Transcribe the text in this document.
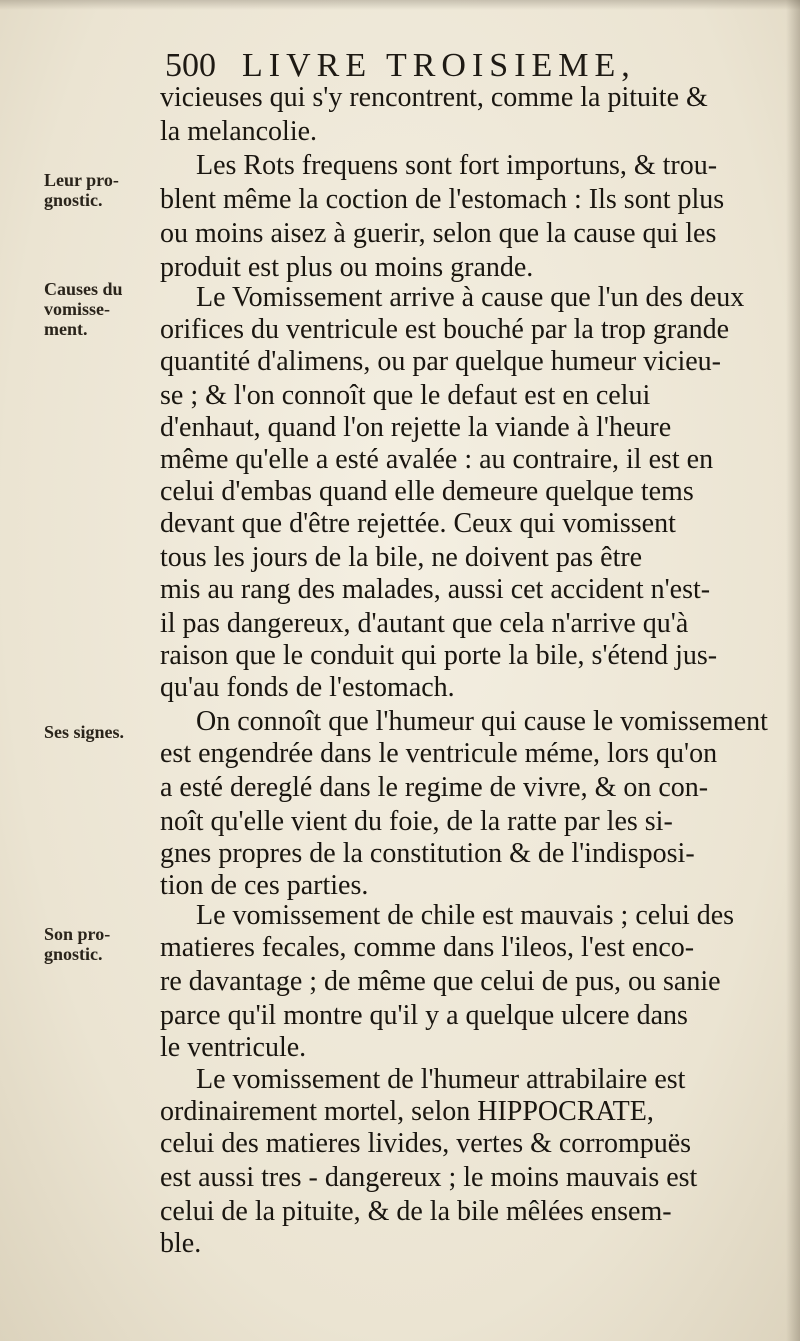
500 LIVRE TROISIEME,
Leur pro-
gnostic.
Causes du
vomisse-
ment.
Ses signes.
Son pro-
gnostic.
vicieuses qui s'y rencontrent, comme la pituite &
la melancolie.
Les Rots frequens sont fort importuns, & trou-
blent même la coction de l'estomach : Ils sont plus
ou moins aisez à guerir, selon que la cause qui les
produit est plus ou moins grande.
Le Vomissement arrive à cause que l'un des deux
orifices du ventricule est bouché par la trop grande
quantité d'alimens, ou par quelque humeur vicieu-
se ; & l'on connoît que le defaut est en celui
d'enhaut, quand l'on rejette la viande à l'heure
même qu'elle a esté avalée : au contraire, il est en
celui d'embas quand elle demeure quelque tems
devant que d'être rejettée. Ceux qui vomissent
tous les jours de la bile, ne doivent pas être
mis au rang des malades, aussi cet accident n'est-
il pas dangereux, d'autant que cela n'arrive qu'à
raison que le conduit qui porte la bile, s'étend jus-
qu'au fonds de l'estomach.
On connoît que l'humeur qui cause le vomissement
est engendrée dans le ventricule méme, lors qu'on
a esté dereglé dans le regime de vivre, & on con-
noît qu'elle vient du foie, de la ratte par les si-
gnes propres de la constitution & de l'indisposi-
tion de ces parties.
Le vomissement de chile est mauvais ; celui des
matieres fecales, comme dans l'ileos, l'est enco-
re davantage ; de même que celui de pus, ou sanie
parce qu'il montre qu'il y a quelque ulcere dans
le ventricule.
Le vomissement de l'humeur attrabilaire est
ordinairement mortel, selon HIPPOCRATE,
celui des matieres livides, vertes & corrompuës
est aussi tres - dangereux ; le moins mauvais est
celui de la pituite, & de la bile mêlées ensem-
ble.
